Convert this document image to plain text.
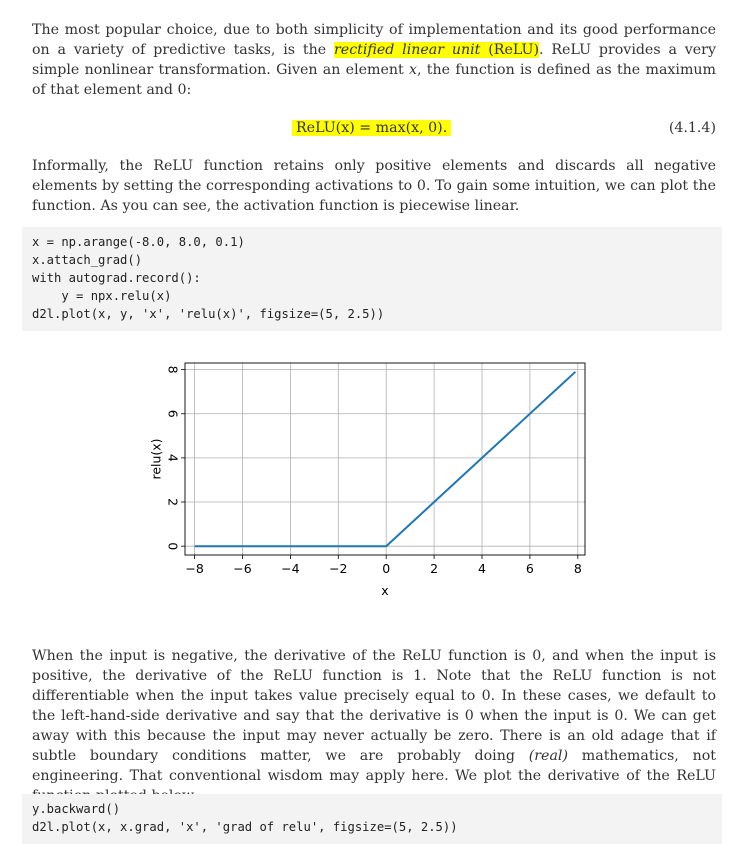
The most popular choice, due to both simplicity of implementation and its good performance on a variety of predictive tasks, is the rectified linear unit (ReLU). ReLU provides a very simple nonlinear transformation. Given an element x, the function is defined as the maximum of that element and 0:

ReLU(x) = max(x, 0).	(4.1.4)

Informally, the ReLU function retains only positive elements and discards all negative elements by setting the corresponding activations to 0. To gain some intuition, we can plot the function. As you can see, the activation function is piecewise linear.

x = np.arange(-8.0, 8.0, 0.1)
x.attach_grad()
with autograd.record():
y = npx.relu(x)
d2l.plot(x, y, 'x', 'relu(x)', figsize=(5, 2.5))
−8 −6 −4 −2	0	2	4	6	8
0
2
4
6
8
x
relu(x)

When the input is negative, the derivative of the ReLU function is 0, and when the input is positive, the derivative of the ReLU function is 1. Note that the ReLU function is not differentiable when the input takes value precisely equal to 0. In these cases, we default to the left-hand-side derivative and say that the derivative is 0 when the input is 0. We can get away with this because the input may never actually be zero. There is an old adage that if subtle boundary conditions matter, we are probably doing (real) mathematics, not engineering. That conventional wisdom may apply here. We plot the derivative of the ReLU

y.backward()
d2l.plot(x, x.grad, 'x', 'grad of relu', figsize=(5, 2.5))
